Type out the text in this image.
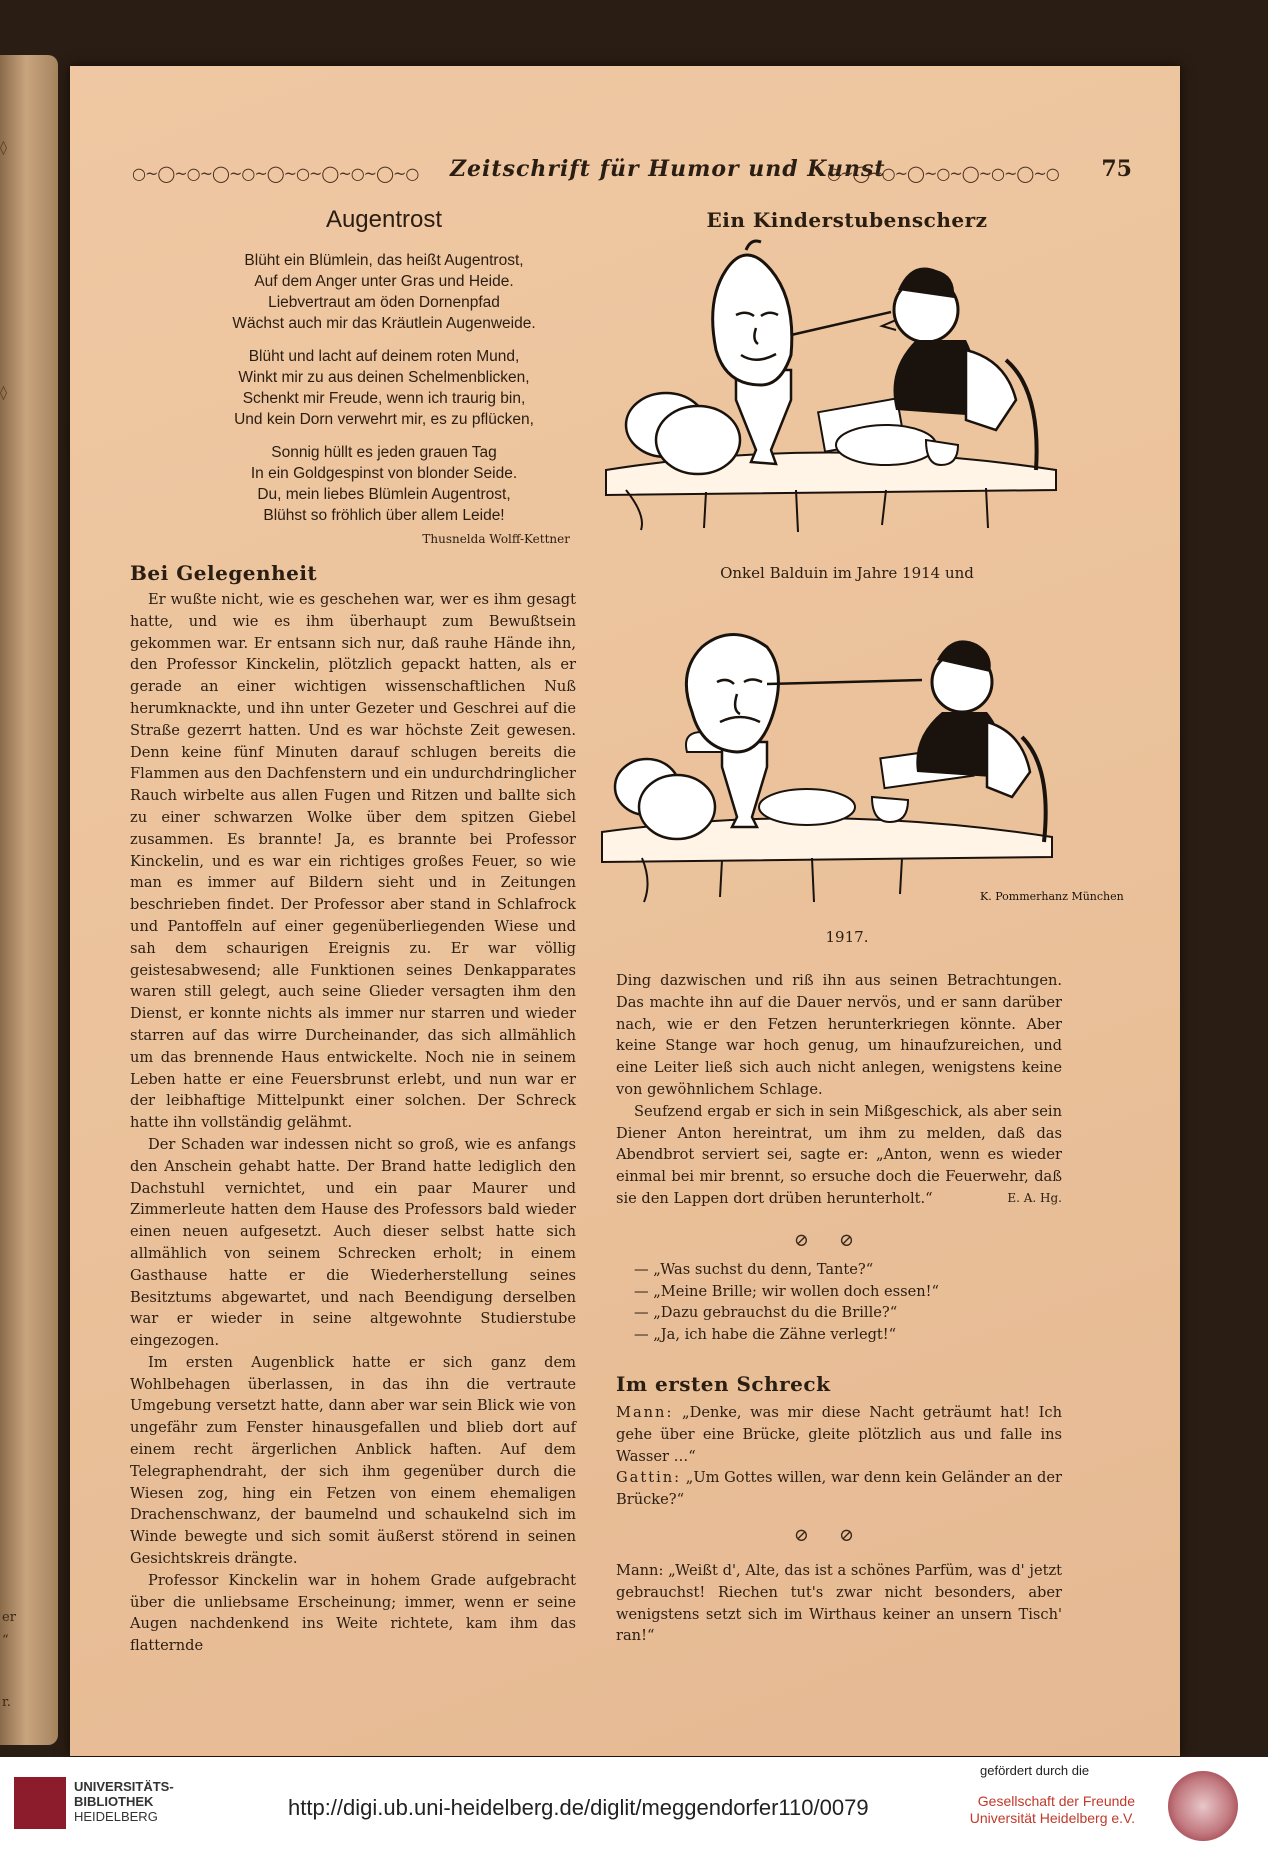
◊
◊
er
“
r.
○~◯~○~◯~○~◯~○~◯~○~◯~○	Zeitschrift für Humor und Kunst
○~◯~○~◯~○~◯~○~◯~○ 75
Augentrost
Blüht ein Blümlein, das heißt Augentrost,
Auf dem Anger unter Gras und Heide.
Liebvertraut am öden Dornenpfad
Wächst auch mir das Kräutlein Augenweide.
Blüht und lacht auf deinem roten Mund,
Winkt mir zu aus deinen Schelmenblicken,
Schenkt mir Freude, wenn ich traurig bin,
Und kein Dorn verwehrt mir, es zu pflücken,
Sonnig hüllt es jeden grauen Tag
In ein Goldgespinst von blonder Seide.
Du, mein liebes Blümlein Augentrost,
Blühst so fröhlich über allem Leide!
Thusnelda Wolff-Kettner
Ein Kinderstubenscherz
Onkel Balduin im Jahre 1914 und
K. Pommerhanz München
1917.
Bei Gelegenheit

Er wußte nicht, wie es geschehen war, wer es ihm gesagt hatte, und wie es ihm überhaupt zum Bewußtsein gekommen war. Er entsann sich nur, daß rauhe Hände ihn, den Professor Kinckelin, plötzlich gepackt hatten, als er gerade an einer wichtigen wissenschaftlichen Nuß herumknackte, und ihn unter Gezeter und Geschrei auf die Straße gezerrt hatten. Und es war höchste Zeit gewesen. Denn keine fünf Minuten darauf schlugen bereits die Flammen aus den Dachfenstern und ein undurchdringlicher Rauch wirbelte aus allen Fugen und Ritzen und ballte sich zu einer schwarzen Wolke über dem spitzen Giebel zusammen. Es brannte! Ja, es brannte bei Professor Kinckelin, und es war ein richtiges großes Feuer, so wie man es immer auf Bildern sieht und in Zeitungen beschrieben findet. Der Professor aber stand in Schlafrock und Pantoffeln auf einer gegenüberliegenden Wiese und sah dem schaurigen Ereignis zu. Er war völlig geistesabwesend; alle Funktionen seines Denkapparates waren still gelegt, auch seine Glieder versagten ihm den Dienst, er konnte nichts als immer nur starren und wieder starren auf das wirre Durcheinander, das sich allmählich um das brennende Haus entwickelte. Noch nie in seinem Leben hatte er eine Feuersbrunst erlebt, und nun war er der leibhaftige Mittelpunkt einer solchen. Der Schreck hatte ihn vollständig gelähmt.

Der Schaden war indessen nicht so groß, wie es anfangs den Anschein gehabt hatte. Der Brand hatte lediglich den Dachstuhl vernichtet, und ein paar Maurer und Zimmerleute hatten dem Hause des Professors bald wieder einen neuen aufgesetzt. Auch dieser selbst hatte sich allmählich von seinem Schrecken erholt; in einem Gasthause hatte er die Wiederherstellung seines Besitztums abgewartet, und nach Beendigung derselben war er wieder in seine altgewohnte Studierstube eingezogen.

Im ersten Augenblick hatte er sich ganz dem Wohlbehagen überlassen, in das ihn die vertraute Umgebung versetzt hatte, dann aber war sein Blick wie von ungefähr zum Fenster hinausgefallen und blieb dort auf einem recht ärgerlichen Anblick haften. Auf dem Telegraphendraht, der sich ihm gegenüber durch die Wiesen zog, hing ein Fetzen von einem ehemaligen Drachenschwanz, der baumelnd und schaukelnd sich im Winde bewegte und sich somit äußerst störend in seinen Gesichtskreis drängte.

Professor Kinckelin war in hohem Grade aufgebracht über die unliebsame Erscheinung; immer, wenn er seine Augen nachdenkend ins Weite richtete, kam ihm das flatternde

Ding dazwischen und riß ihn aus seinen Betrachtungen. Das machte ihn auf die Dauer nervös, und er sann darüber nach, wie er den Fetzen herunterkriegen könnte. Aber keine Stange war hoch genug, um hinaufzureichen, und eine Leiter ließ sich auch nicht anlegen, wenigstens keine von gewöhnlichem Schlage.

Seufzend ergab er sich in sein Mißgeschick, als aber sein Diener Anton hereintrat, um ihm zu melden, daß das Abendbrot serviert sei, sagte er: „Anton, wenn es wieder einmal bei mir brennt, so ersuche doch die Feuerwehr, daß sie den Lappen dort drüben herunterholt.“	E. A. Hg.

⊘⊘

— „Was suchst du denn, Tante?“

— „Meine Brille; wir wollen doch essen!“

— „Dazu gebrauchst du die Brille?“

— „Ja, ich habe die Zähne verlegt!“

Im ersten Schreck

Mann: „Denke, was mir diese Nacht geträumt hat! Ich gehe über eine Brücke, gleite plötzlich aus und falle ins Wasser …“

Gattin: „Um Gottes willen, war denn kein Geländer an der Brücke?“

⊘⊘

Mann: „Weißt d', Alte, das ist a schönes Parfüm, was d' jetzt gebrauchst! Riechen tut's zwar nicht besonders, aber wenigstens setzt sich im Wirthaus keiner an unsern Tisch' ran!“

UNIVERSITÄTS-
BIBLIOTHEK
HEIDELBERG	http://digi.ub.uni-heidelberg.de/diglit/meggendorfer110/0079
gefördert durch die
Gesellschaft der Freunde
Universität Heidelberg e.V.
